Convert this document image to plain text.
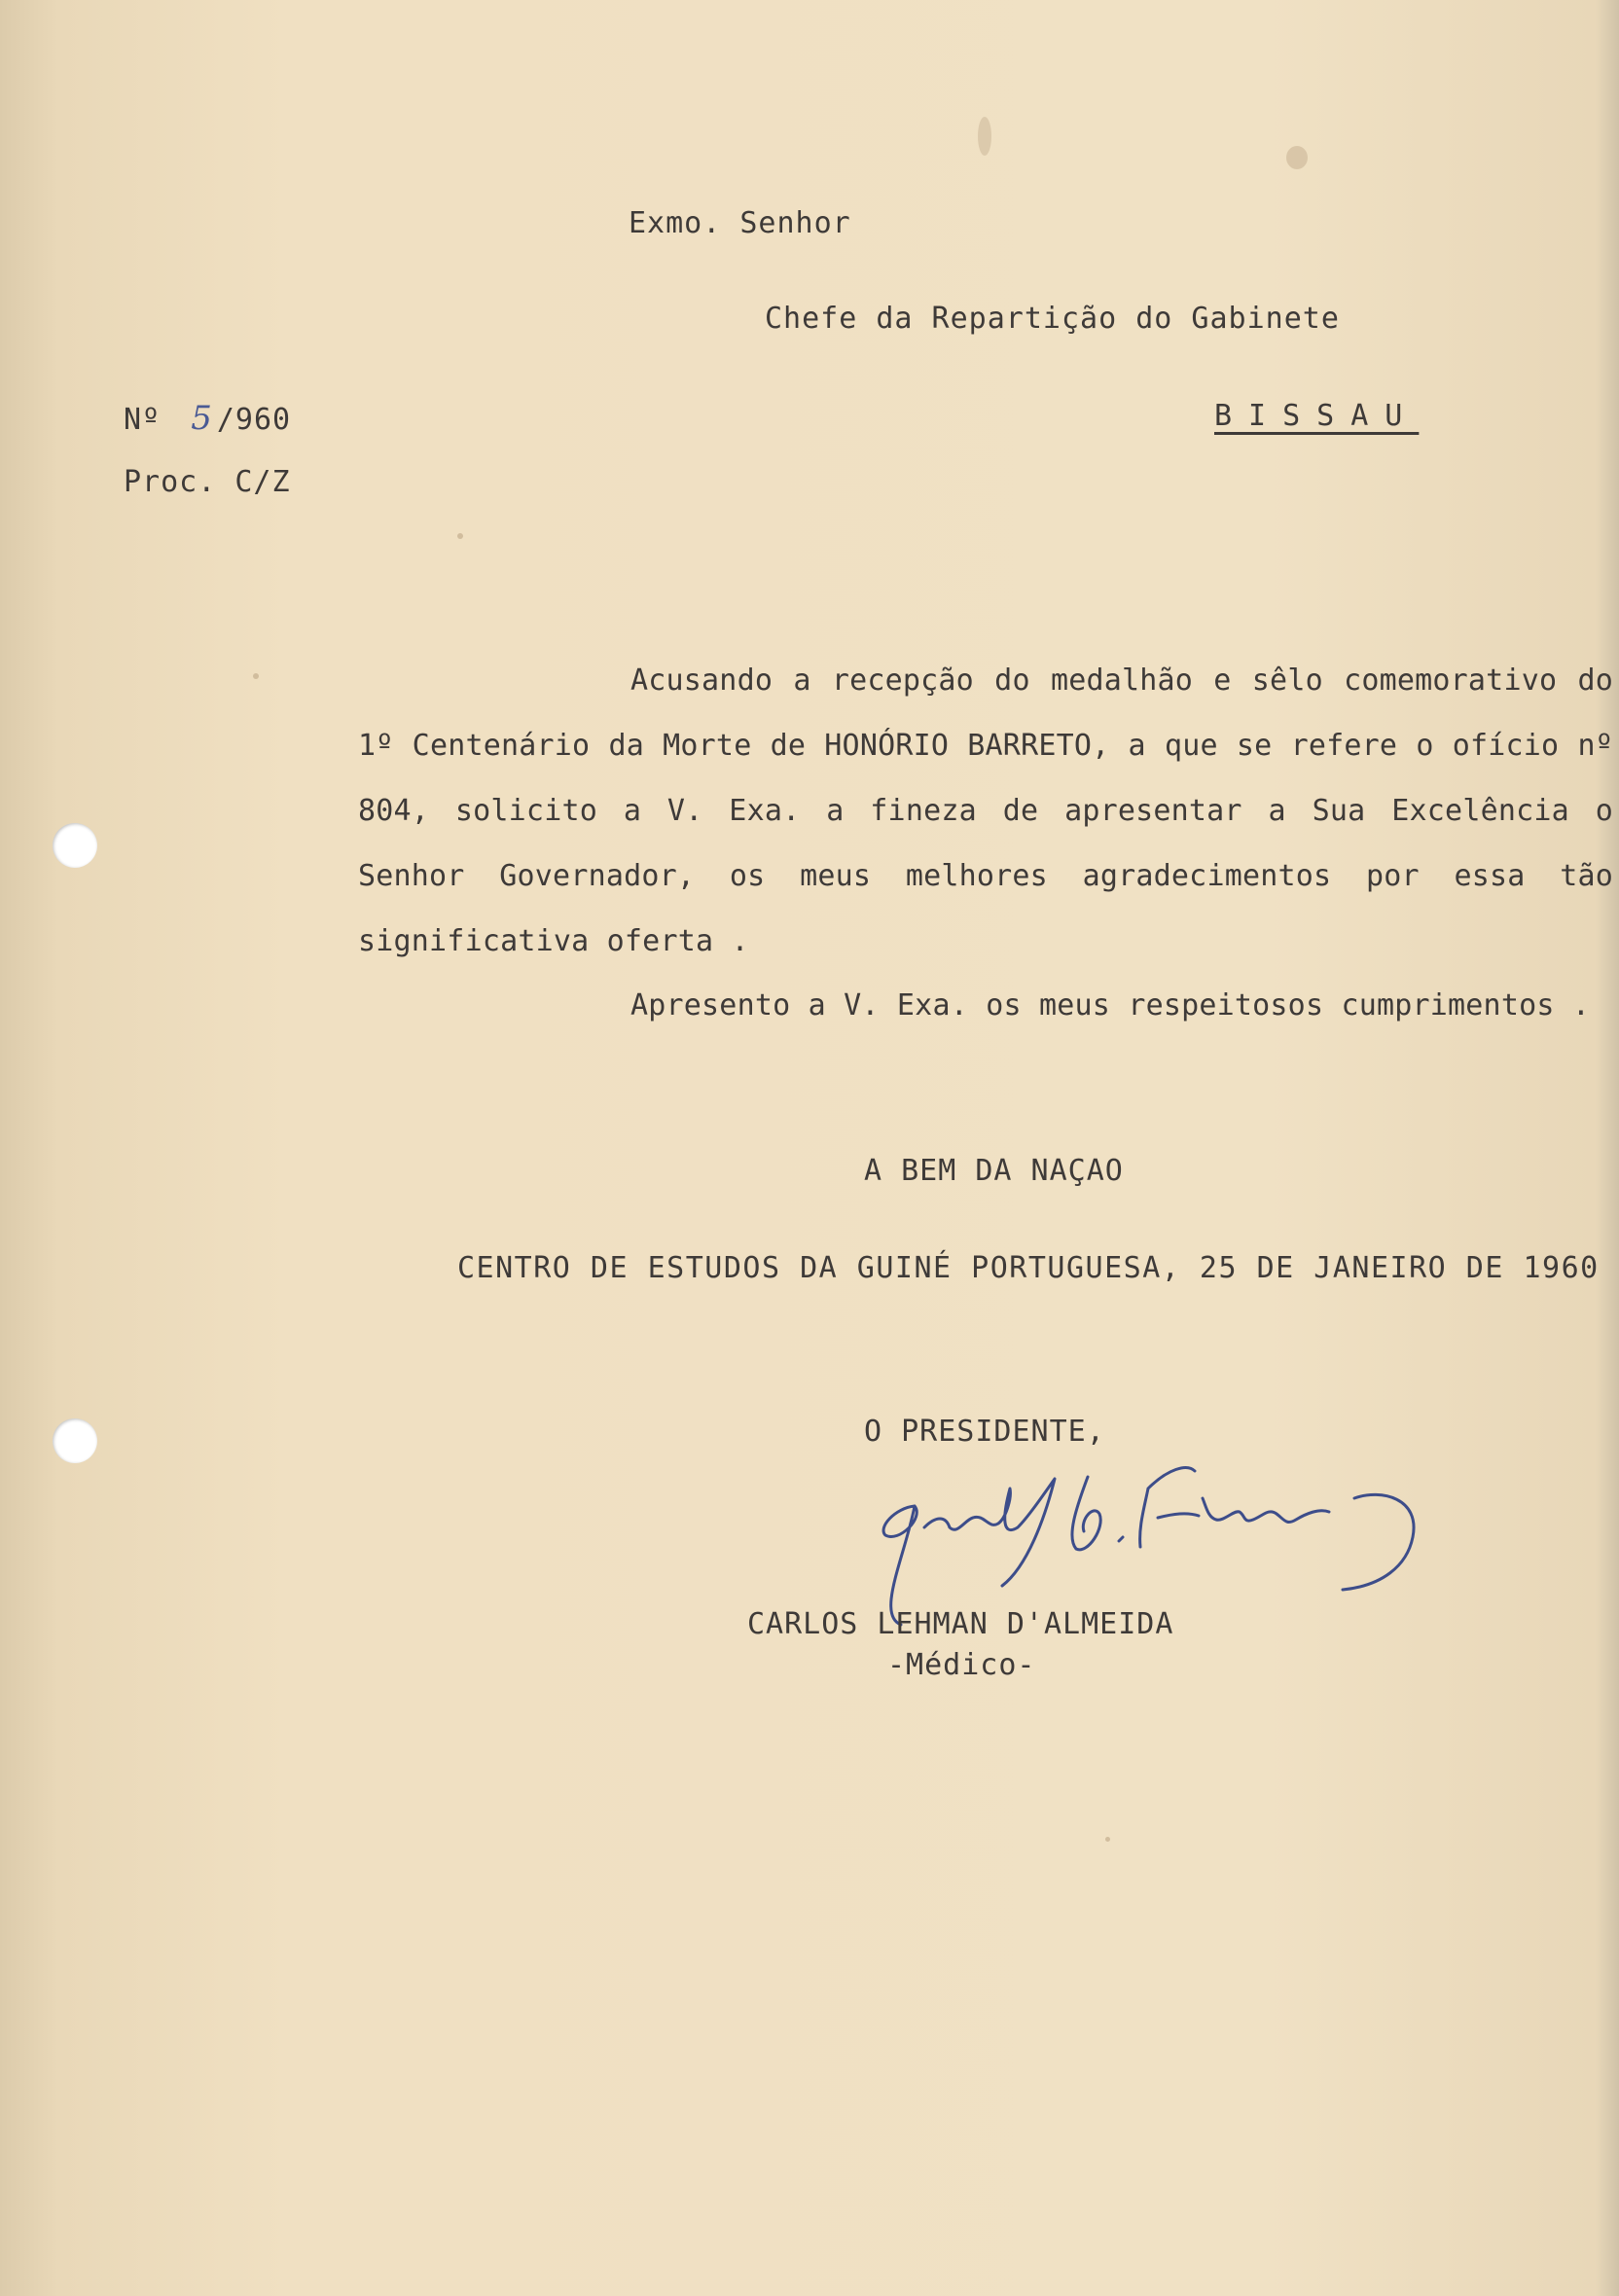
Exmo. Senhor
Chefe da Repartição do Gabinete
Nº 5 /960	BISSAU
Proc. C/Z

Acusando a recepção do medalhão e sêlo comemorativo do 1º Centenário da Morte de HONÓRIO BARRETO, a que se refere o ofício nº 804, solicito a V. Exa. a fineza de apresentar a Sua Excelência o Senhor Governador, os meus melhores agradecimentos por essa tão significativa oferta .

Apresento a V. Exa. os meus respeitosos cumprimentos .

A BEM DA NAÇAO

CENTRO DE ESTUDOS DA GUINÉ PORTUGUESA, 25 DE JANEIRO DE 1960

O PRESIDENTE,
CARLOS LEHMAN D'ALMEIDA
-Médico-
